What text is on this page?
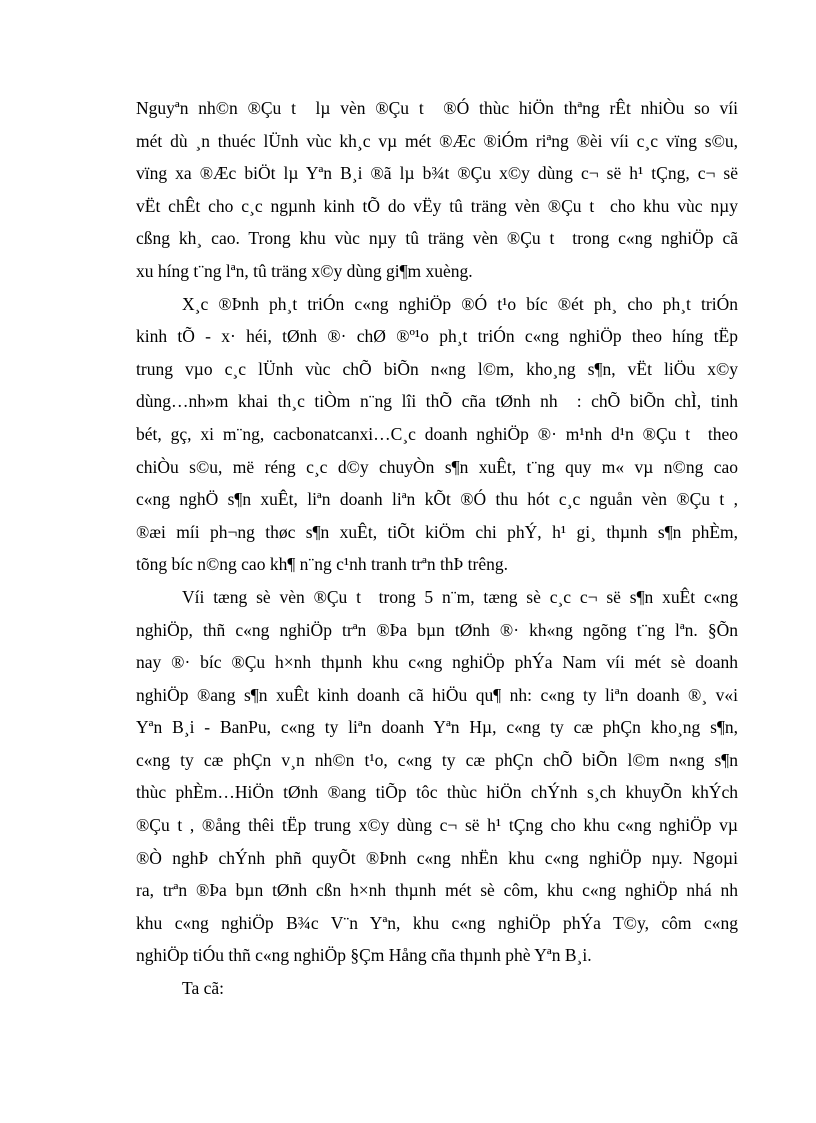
Nguyªn nh©n ®Çu t  lµ vèn ®Çu t  ®Ó thùc hiÖn thªng rÊt nhiÒu so víi
mét dù ¸n thuéc lÜnh vùc kh¸c vµ mét ®Æc ®iÓm riªng ®èi víi c¸c vïng s©u,
vïng xa ®Æc biÖt lµ Yªn B¸i ®ã lµ b¾t ®Çu x©y dùng c¬ së h¹ tÇng, c¬ së
vËt chÊt cho c¸c ngµnh kinh tÕ do vËy tû träng vèn ®Çu t  cho khu vùc nµy
cßng kh¸ cao. Trong khu vùc nµy tû träng vèn ®Çu t  trong c«ng nghiÖp cã
xu híng t¨ng lªn, tû träng x©y dùng gi¶m xuèng.

X¸c ®Þnh ph¸t triÓn c«ng nghiÖp ®Ó t¹o bíc ®ét ph¸ cho ph¸t triÓn
kinh tÕ - x· héi, tØnh ®· chØ ®º¹o ph¸t triÓn c«ng nghiÖp theo híng tËp
trung vµo c¸c lÜnh vùc chÕ biÕn n«ng l©m, kho¸ng s¶n, vËt liÖu x©y
dùng…nh»m khai th¸c tiÒm n¨ng lîi thÕ cña tØnh nh  : chÕ biÕn chÌ, tinh
bét, gç, xi m¨ng, cacbonatcanxi…C¸c doanh nghiÖp ®· m¹nh d¹n ®Çu t  theo
chiÒu s©u, më réng c¸c d©y chuyÒn s¶n xuÊt, t¨ng quy m« vµ n©ng cao
c«ng nghÖ s¶n xuÊt, liªn doanh liªn kÕt ®Ó thu hót c¸c nguån vèn ®Çu t ,
®æi míi ph¬ng thøc s¶n xuÊt, tiÕt kiÖm chi phÝ, h¹ gi¸ thµnh s¶n phÈm,
tõng bíc n©ng cao kh¶ n¨ng c¹nh tranh trªn thÞ trêng.

Víi tæng sè vèn ®Çu t  trong 5 n¨m, tæng sè c¸c c¬ së s¶n xuÊt c«ng
nghiÖp, thñ c«ng nghiÖp trªn ®Þa bµn tØnh ®· kh«ng ngõng t¨ng lªn. §Õn
nay ®· bíc ®Çu h×nh thµnh khu c«ng nghiÖp phÝa Nam víi mét sè doanh
nghiÖp ®ang s¶n xuÊt kinh doanh cã hiÖu qu¶ nh: c«ng ty liªn doanh ®¸ v«i
Yªn B¸i - BanPu, c«ng ty liªn doanh Yªn Hµ, c«ng ty cæ phÇn kho¸ng s¶n,
c«ng ty cæ phÇn v¸n nh©n t¹o, c«ng ty cæ phÇn chÕ biÕn l©m n«ng s¶n
thùc phÈm…HiÖn tØnh ®ang tiÕp tôc thùc hiÖn chÝnh s¸ch khuyÕn khÝch
®Çu t , ®ång thêi tËp trung x©y dùng c¬ së h¹ tÇng cho khu c«ng nghiÖp vµ
®Ò nghÞ chÝnh phñ quyÕt ®Þnh c«ng nhËn khu c«ng nghiÖp nµy. Ngoµi
ra, trªn ®Þa bµn tØnh cßn h×nh thµnh mét sè côm, khu c«ng nghiÖp nhá nh
khu c«ng nghiÖp B¾c V¨n Yªn, khu c«ng nghiÖp phÝa T©y, côm c«ng
nghiÖp tiÓu thñ c«ng nghiÖp §Çm Hång cña thµnh phè Yªn B¸i.

Ta cã:
